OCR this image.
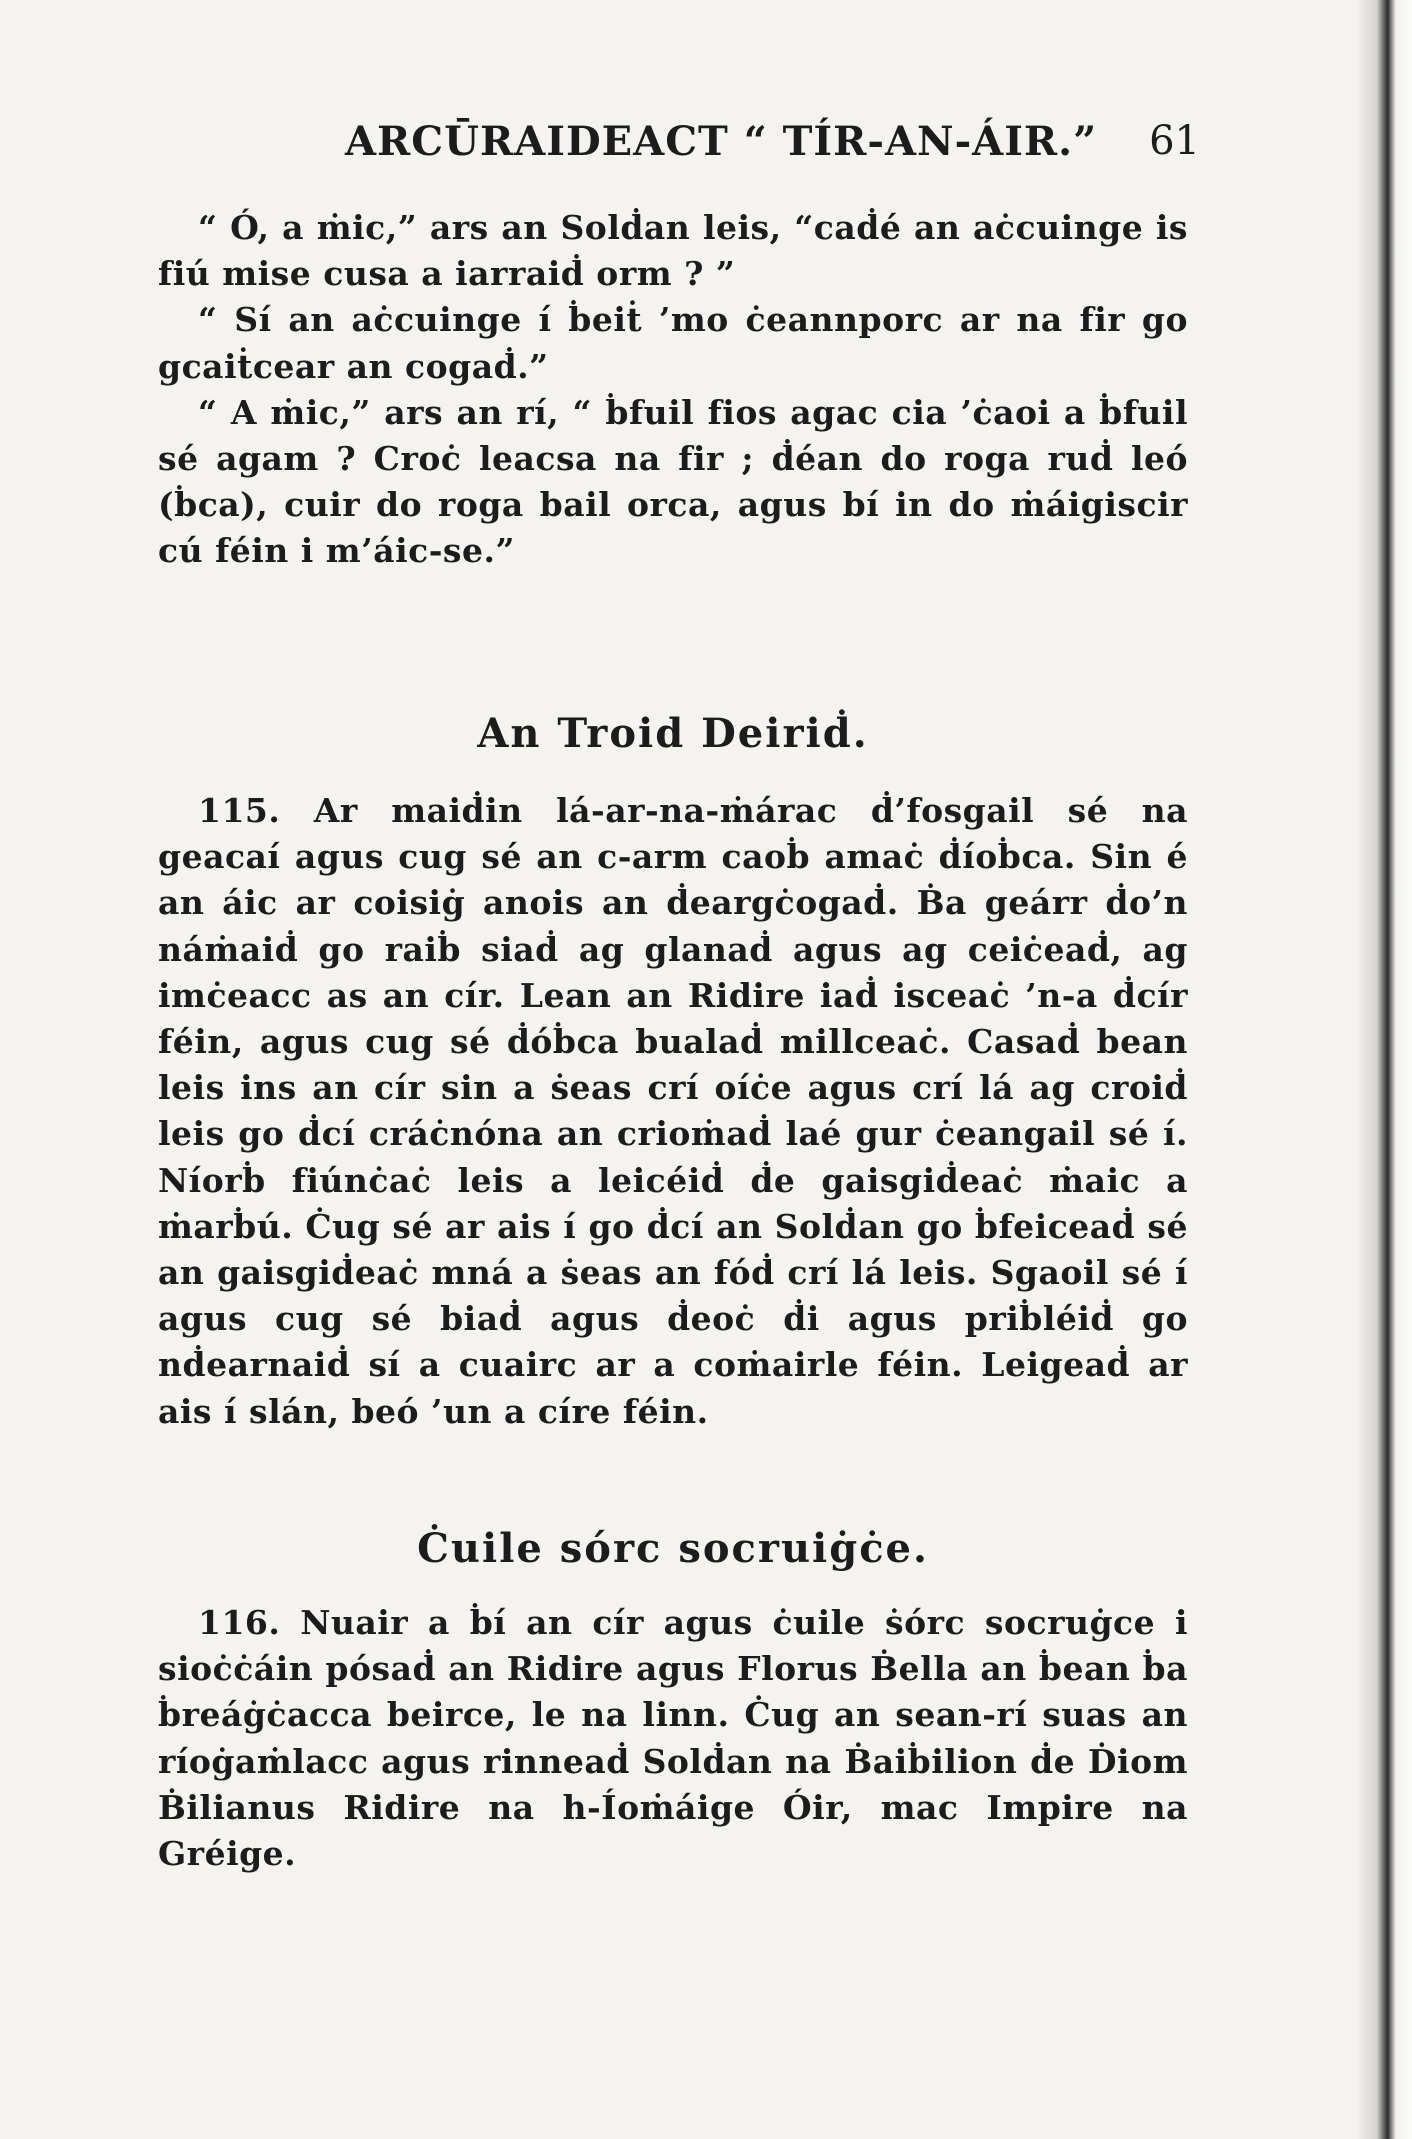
ARCŪRAIDEACT “ TÍR-AN-ÁIR.” 61

“ Ó, a ṁic,” ars an Solḋan leis, “caḋé an aċcuinge is fiú mise cusa a iarraiḋ orm ? ”

“ Sí an aċcuinge í ḃeiṫ ’mo ċeannporc ar na fir go gcaiṫcear an cogaḋ.”

“ A ṁic,” ars an rí, “ ḃfuil fios agac cia ’ċaoi a ḃfuil sé agam ? Croċ leacsa na fir ; ḋéan do roga ruḋ leó (ḃca), cuir do roga bail orca, agus bí in do ṁáigiscir cú féin i m’áic-se.”

An Troid Deiriḋ.

115. Ar maiḋin lá-ar-na-ṁárac ḋ’fosgail sé na geacaí agus cug sé an c-arm caoḃ amaċ ḋíoḃca. Sin é an áic ar coisiġ anois an ḋeargċogaḋ. Ḃa geárr ḋo’n náṁaiḋ go raiḃ siaḋ ag glanaḋ agus ag ceiċeaḋ, ag imċeacc as an cír. Lean an Ridire iaḋ isceaċ ’n-a ḋcír féin, agus cug sé ḋóḃca bualaḋ millceaċ. Casaḋ bean leis ins an cír sin a ṡeas crí oíċe agus crí lá ag croiḋ leis go ḋcí cráċnóna an crioṁaḋ laé gur ċeangail sé í. Níorḃ fiúnċaċ leis a leicéiḋ ḋe gaisgiḋeaċ ṁaic a ṁarḃú. Ċug sé ar ais í go ḋcí an Solḋan go ḃfeiceaḋ sé an gaisgiḋeaċ mná a ṡeas an fóḋ crí lá leis. Sgaoil sé í agus cug sé biaḋ agus ḋeoċ ḋi agus priḃléiḋ go nḋearnaiḋ sí a cuairc ar a coṁairle féin. Leigeaḋ ar ais í slán, beó ’un a círe féin.

Ċuile sórc socruiġċe.

116. Nuair a ḃí an cír agus ċuile ṡórc socruġce i sioċċáin pósaḋ an Ridire agus Florus Ḃella an ḃean ḃa ḃreáġċacca beirce, le na linn. Ċug an sean-rí suas an ríoġaṁlacc agus rinneaḋ Solḋan na Ḃaiḃilion ḋe Ḋiom Ḃilianus Ridire na h-Íoṁáige Óir, mac Impire na Gréige.
